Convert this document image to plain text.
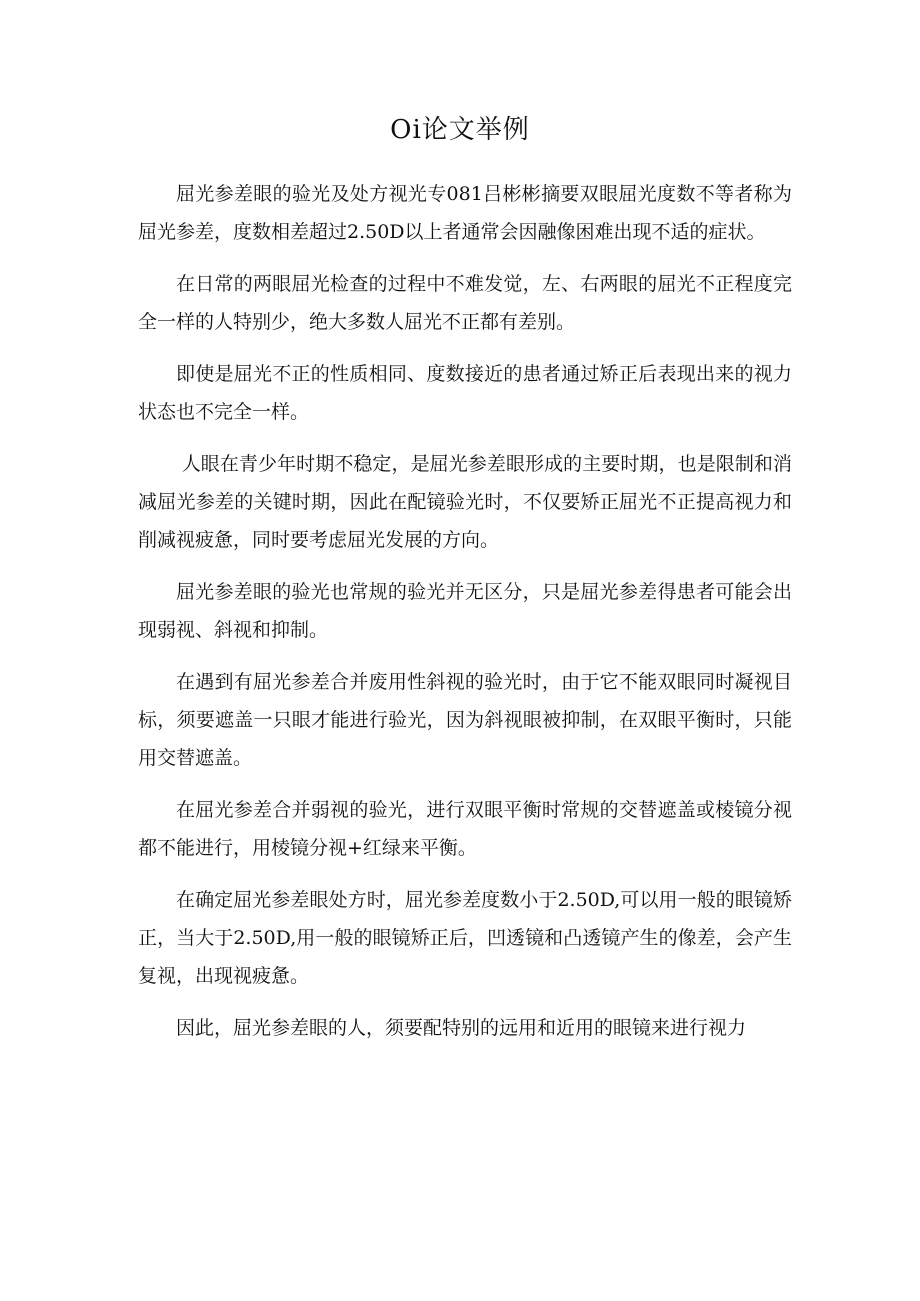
Oi论文举例

屈光参差眼的验光及处方视光专081吕彬彬摘要双眼屈光度数不等者称为屈光参差，度数相差超过2.50D以上者通常会因融像困难出现不适的症状。

在日常的两眼屈光检查的过程中不难发觉，左、右两眼的屈光不正程度完全一样的人特别少，绝大多数人屈光不正都有差别。

即使是屈光不正的性质相同、度数接近的患者通过矫正后表现出来的视力状态也不完全一样。

人眼在青少年时期不稳定，是屈光参差眼形成的主要时期，也是限制和消减屈光参差的关键时期，因此在配镜验光时，不仅要矫正屈光不正提高视力和削减视疲惫，同时要考虑屈光发展的方向。

屈光参差眼的验光也常规的验光并无区分，只是屈光参差得患者可能会出现弱视、斜视和抑制。

在遇到有屈光参差合并废用性斜视的验光时，由于它不能双眼同时凝视目标，须要遮盖一只眼才能进行验光，因为斜视眼被抑制，在双眼平衡时，只能用交替遮盖。

在屈光参差合并弱视的验光，进行双眼平衡时常规的交替遮盖或棱镜分视都不能进行，用棱镜分视+红绿来平衡。

在确定屈光参差眼处方时，屈光参差度数小于2.50D,可以用一般的眼镜矫正，当大于2.50D,用一般的眼镜矫正后，凹透镜和凸透镜产生的像差，会产生复视，出现视疲惫。

因此，屈光参差眼的人，须要配特别的远用和近用的眼镜来进行视力
